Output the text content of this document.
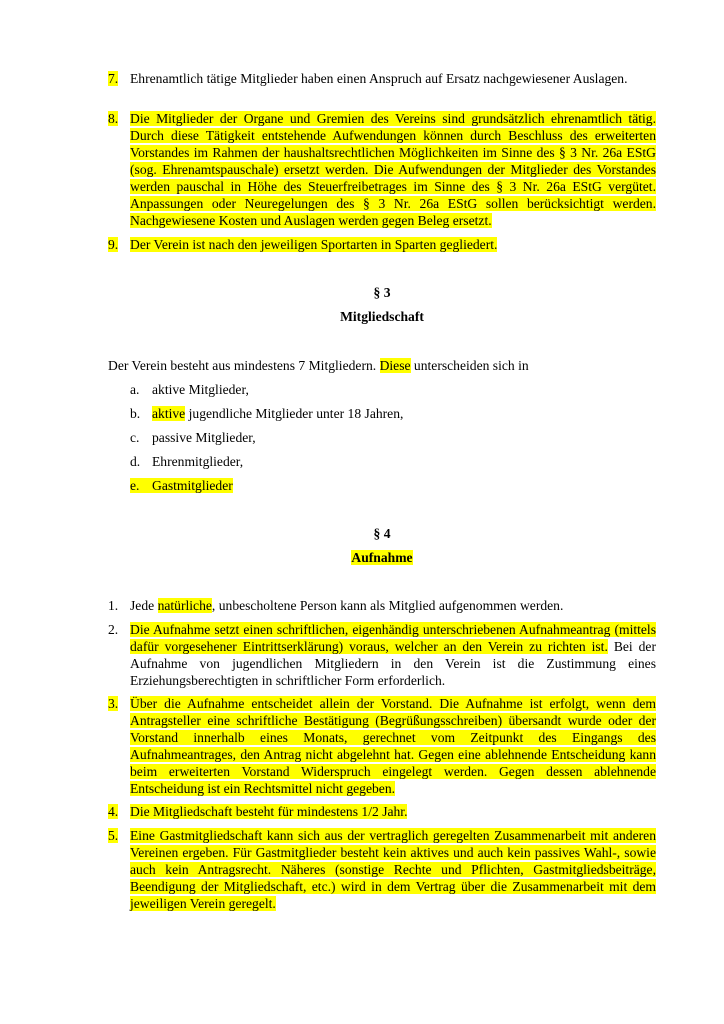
7. Ehrenamtlich tätige Mitglieder haben einen Anspruch auf Ersatz nachgewiesener Auslagen.
8. Die Mitglieder der Organe und Gremien des Vereins sind grundsätzlich ehrenamtlich tätig. Durch diese Tätigkeit entstehende Aufwendungen können durch Beschluss des erweiterten Vorstandes im Rahmen der haushaltsrechtlichen Möglichkeiten im Sinne des § 3 Nr. 26a EStG (sog. Ehrenamtspauschale) ersetzt werden. Die Aufwendungen der Mitglieder des Vorstandes werden pauschal in Höhe des Steuerfreibetrages im Sinne des § 3 Nr. 26a EStG vergütet. Anpassungen oder Neuregelungen des § 3 Nr. 26a EStG sollen berücksichtigt werden. Nachgewiesene Kosten und Auslagen werden gegen Beleg ersetzt.
9. Der Verein ist nach den jeweiligen Sportarten in Sparten gegliedert.
§ 3
Mitgliedschaft
Der Verein besteht aus mindestens 7 Mitgliedern. Diese unterscheiden sich in
a. aktive Mitglieder,
b. aktive jugendliche Mitglieder unter 18 Jahren,
c. passive Mitglieder,
d. Ehrenmitglieder,
e. Gastmitglieder
§ 4
Aufnahme
1. Jede natürliche, unbescholtene Person kann als Mitglied aufgenommen werden.
2. Die Aufnahme setzt einen schriftlichen, eigenhändig unterschriebenen Aufnahmeantrag (mittels dafür vorgesehener Eintrittserklärung) voraus, welcher an den Verein zu richten ist. Bei der Aufnahme von jugendlichen Mitgliedern in den Verein ist die Zustimmung eines Erziehungsberechtigten in schriftlicher Form erforderlich.
3. Über die Aufnahme entscheidet allein der Vorstand. Die Aufnahme ist erfolgt, wenn dem Antragsteller eine schriftliche Bestätigung (Begrüßungsschreiben) übersandt wurde oder der Vorstand innerhalb eines Monats, gerechnet vom Zeitpunkt des Eingangs des Aufnahmeantrages, den Antrag nicht abgelehnt hat. Gegen eine ablehnende Entscheidung kann beim erweiterten Vorstand Widerspruch eingelegt werden. Gegen dessen ablehnende Entscheidung ist ein Rechtsmittel nicht gegeben.
4. Die Mitgliedschaft besteht für mindestens 1/2 Jahr.
5. Eine Gastmitgliedschaft kann sich aus der vertraglich geregelten Zusammenarbeit mit anderen Vereinen ergeben. Für Gastmitglieder besteht kein aktives und auch kein passives Wahl-, sowie auch kein Antragsrecht. Näheres (sonstige Rechte und Pflichten, Gastmitgliedsbeiträge, Beendigung der Mitgliedschaft, etc.) wird in dem Vertrag über die Zusammenarbeit mit dem jeweiligen Verein geregelt.
